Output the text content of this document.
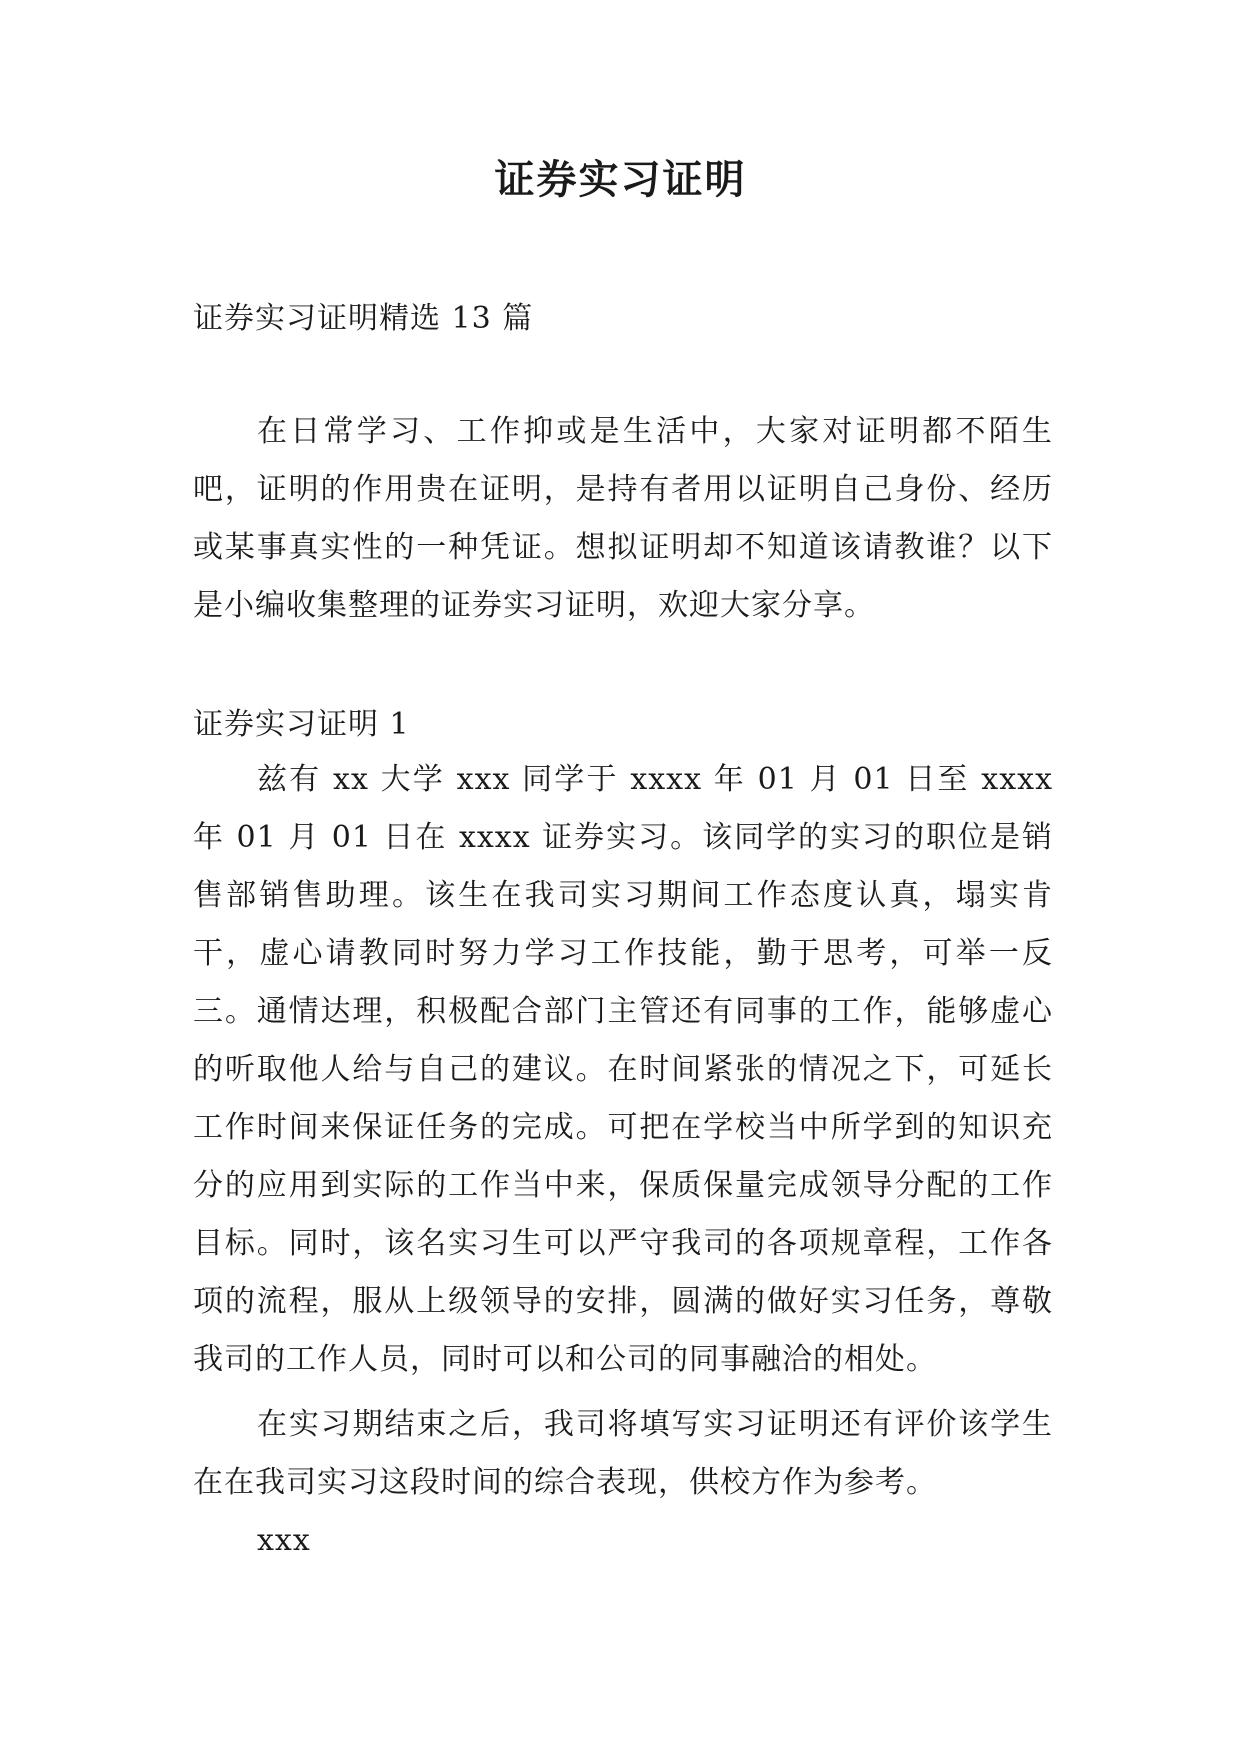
证券实习证明

证券实习证明精选 13 篇

在日常学习、工作抑或是生活中，大家对证明都不陌生吧，证明的作用贵在证明，是持有者用以证明自己身份、经历或某事真实性的一种凭证。想拟证明却不知道该请教谁？以下是小编收集整理的证券实习证明，欢迎大家分享。

证券实习证明 1

兹有 xx 大学 xxx 同学于 xxxx 年 01 月 01 日至 xxxx 年 01 月 01 日在 xxxx 证券实习。该同学的实习的职位是销售部销售助理。该生在我司实习期间工作态度认真，塌实肯干，虚心请教同时努力学习工作技能，勤于思考，可举一反三。通情达理，积极配合部门主管还有同事的工作，能够虚心的听取他人给与自己的建议。在时间紧张的情况之下，可延长工作时间来保证任务的完成。可把在学校当中所学到的知识充分的应用到实际的工作当中来，保质保量完成领导分配的工作目标。同时，该名实习生可以严守我司的各项规章程，工作各项的流程，服从上级领导的安排，圆满的做好实习任务，尊敬我司的工作人员，同时可以和公司的同事融洽的相处。

在实习期结束之后，我司将填写实习证明还有评价该学生在在我司实习这段时间的综合表现，供校方作为参考。

xxx
